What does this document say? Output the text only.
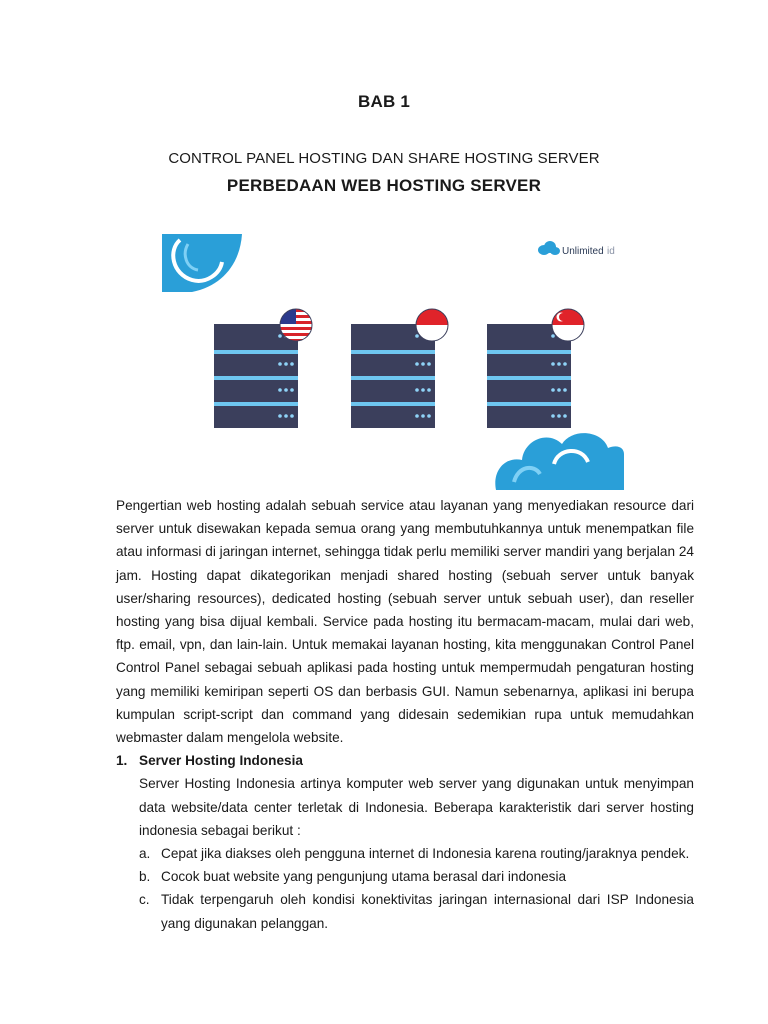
BAB 1
CONTROL PANEL HOSTING DAN SHARE HOSTING SERVER
PERBEDAAN WEB HOSTING SERVER
Unlimited id

Pengertian web hosting adalah sebuah service atau layanan yang menyediakan resource dari server untuk disewakan kepada semua orang yang membutuhkannya untuk menempatkan file atau informasi di jaringan internet, sehingga tidak perlu memiliki server mandiri yang berjalan 24 jam. Hosting dapat dikategorikan menjadi shared hosting (sebuah server untuk banyak user/sharing resources), dedicated hosting (sebuah server untuk sebuah user), dan reseller hosting yang bisa dijual kembali. Service pada hosting itu bermacam-macam, mulai dari web, ftp. email, vpn, dan lain-lain. Untuk memakai layanan hosting, kita menggunakan Control Panel Control Panel sebagai sebuah aplikasi pada hosting untuk mempermudah pengaturan hosting yang memiliki kemiripan seperti OS dan berbasis GUI. Namun sebenarnya, aplikasi ini berupa kumpulan script-script dan command yang didesain sedemikian rupa untuk memudahkan webmaster dalam mengelola website.

1. Server Hosting Indonesia

Server Hosting Indonesia artinya komputer web server yang digunakan untuk menyimpan data website/data center terletak di Indonesia. Beberapa karakteristik dari server hosting indonesia sebagai berikut :

a. Cepat jika diakses oleh pengguna internet di Indonesia karena routing/jaraknya pendek.
b. Cocok buat website yang pengunjung utama berasal dari indonesia
c. Tidak terpengaruh oleh kondisi konektivitas jaringan internasional dari ISP Indonesia yang digunakan pelanggan.
